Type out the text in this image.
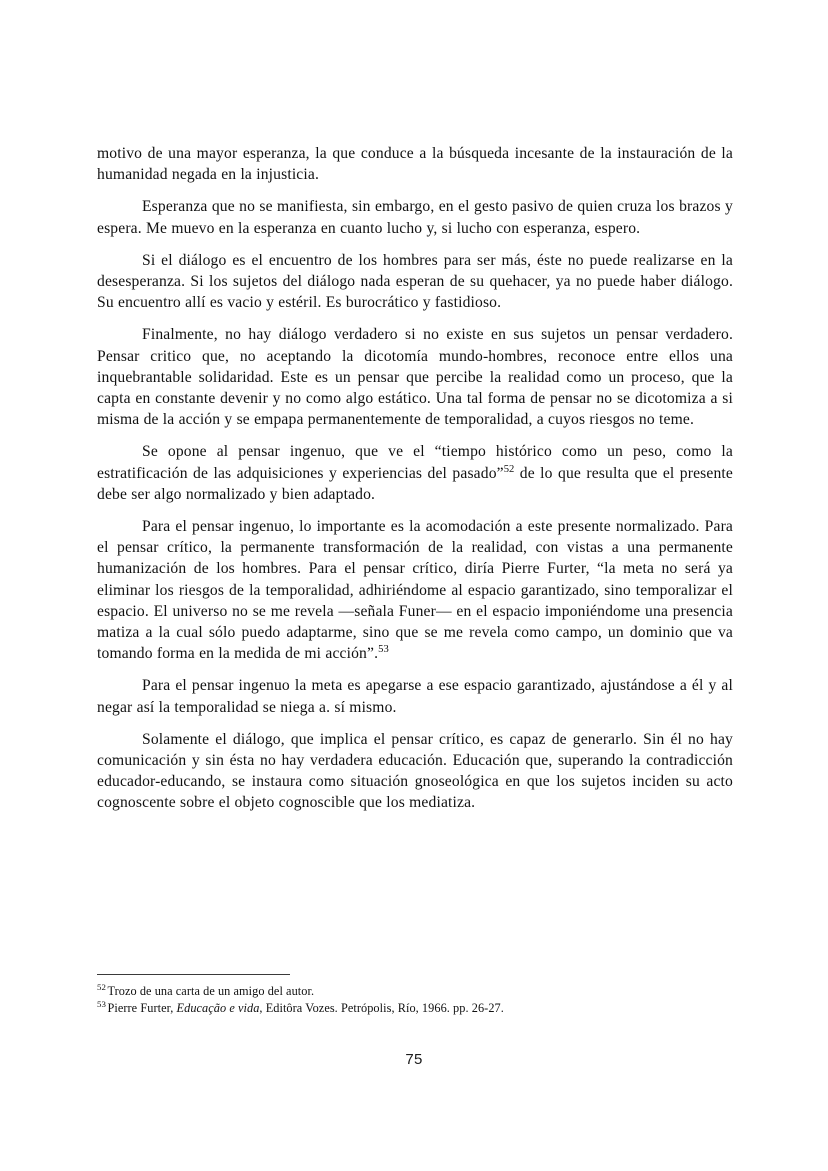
motivo de una mayor esperanza, la que conduce a la búsqueda incesante de la instauración de la humanidad negada en la injusticia.

Esperanza que no se manifiesta, sin embargo, en el gesto pasivo de quien cruza los brazos y espera. Me muevo en la esperanza en cuanto lucho y, si lucho con esperanza, espero.

Si el diálogo es el encuentro de los hombres para ser más, éste no puede realizarse en la desesperanza. Si los sujetos del diálogo nada esperan de su quehacer, ya no puede haber diálogo. Su encuentro allí es vacio y estéril. Es burocrático y fastidioso.

Finalmente, no hay diálogo verdadero si no existe en sus sujetos un pensar verdadero. Pensar critico que, no aceptando la dicotomía mundo-hombres, reconoce entre ellos una inquebrantable solidaridad. Este es un pensar que percibe la realidad como un proceso, que la capta en constante devenir y no como algo estático. Una tal forma de pensar no se dicotomiza a si misma de la acción y se empapa permanentemente de temporalidad, a cuyos riesgos no teme.

Se opone al pensar ingenuo, que ve el “tiempo histórico como un peso, como la estratificación de las adquisiciones y experiencias del pasado”$^{52}$ de lo que resulta que el presente debe ser algo normalizado y bien adaptado.

Para el pensar ingenuo, lo importante es la acomodación a este presente normalizado. Para el pensar crítico, la permanente transformación de la realidad, con vistas a una permanente humanización de los hombres. Para el pensar crítico, diría Pierre Furter, “la meta no será ya eliminar los riesgos de la temporalidad, adhiriéndome al espacio garantizado, sino temporalizar el espacio. El universo no se me revela —señala Funer— en el espacio imponiéndome una presencia matiza a la cual sólo puedo adaptarme, sino que se me revela como campo, un dominio que va tomando forma en la medida de mi acción”.$^{53}$

Para el pensar ingenuo la meta es apegarse a ese espacio garantizado, ajustándose a él y al negar así la temporalidad se niega a. sí mismo.

Solamente el diálogo, que implica el pensar crítico, es capaz de generarlo. Sin él no hay comunicación y sin ésta no hay verdadera educación. Educación que, superando la contradicción educador-educando, se instaura como situación gnoseológica en que los sujetos inciden su acto cognoscente sobre el objeto cognoscible que los mediatiza.

$^{52}$ Trozo de una carta de un amigo del autor.

$^{53}$ Pierre Furter, Educação e vida, Editôra Vozes. Petrópolis, Río, 1966. pp. 26-27.

75
